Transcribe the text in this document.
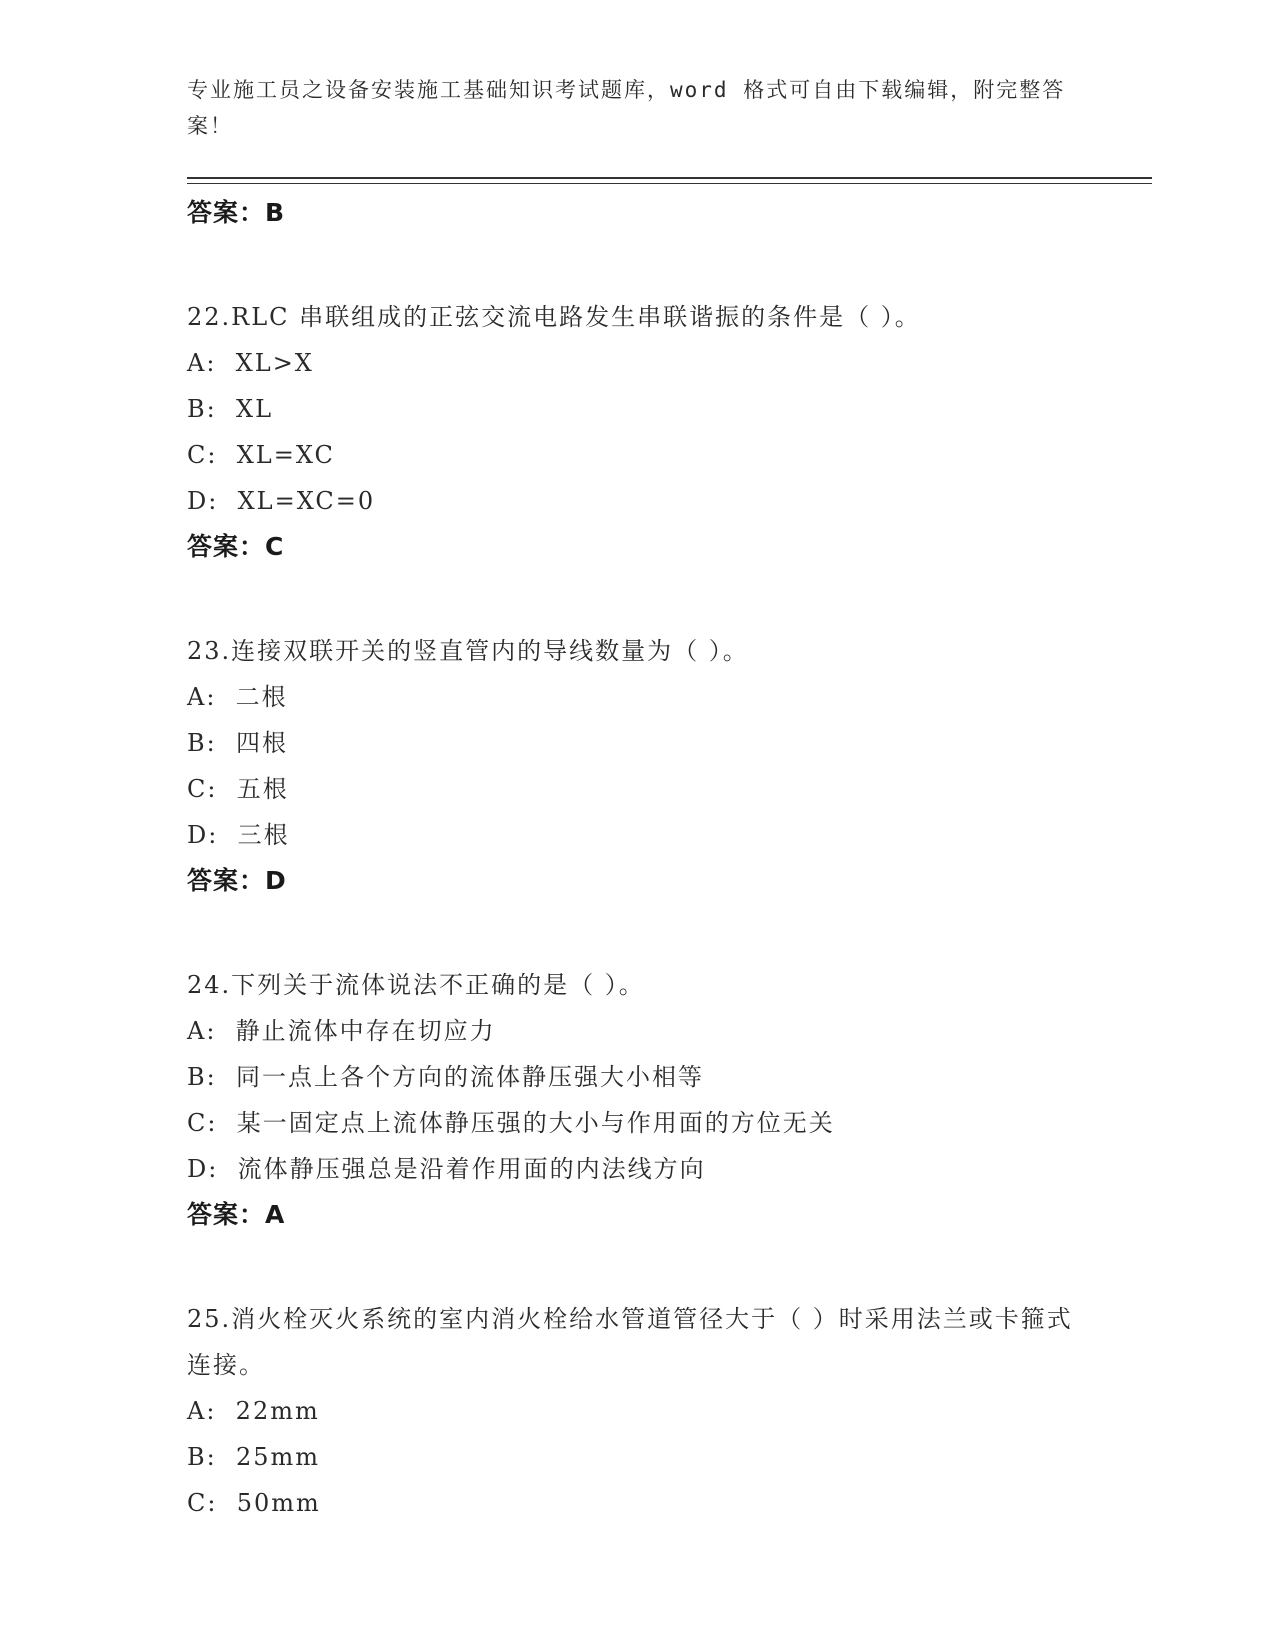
专业施工员之设备安装施工基础知识考试题库，word 格式可自由下载编辑，附完整答案！
答案：B
22.RLC 串联组成的正弦交流电路发生串联谐振的条件是（ ）。
A:  XL>X
B:  XL
C:  XL=XC
D:  XL=XC=0
答案：C
23.连接双联开关的竖直管内的导线数量为（ ）。
A:  二根
B:  四根
C:  五根
D:  三根
答案：D
24.下列关于流体说法不正确的是（ ）。
A:  静止流体中存在切应力
B:  同一点上各个方向的流体静压强大小相等
C:  某一固定点上流体静压强的大小与作用面的方位无关
D:  流体静压强总是沿着作用面的内法线方向
答案：A
25.消火栓灭火系统的室内消火栓给水管道管径大于（ ）时采用法兰或卡箍式连接。
A:  22mm
B:  25mm
C:  50mm
